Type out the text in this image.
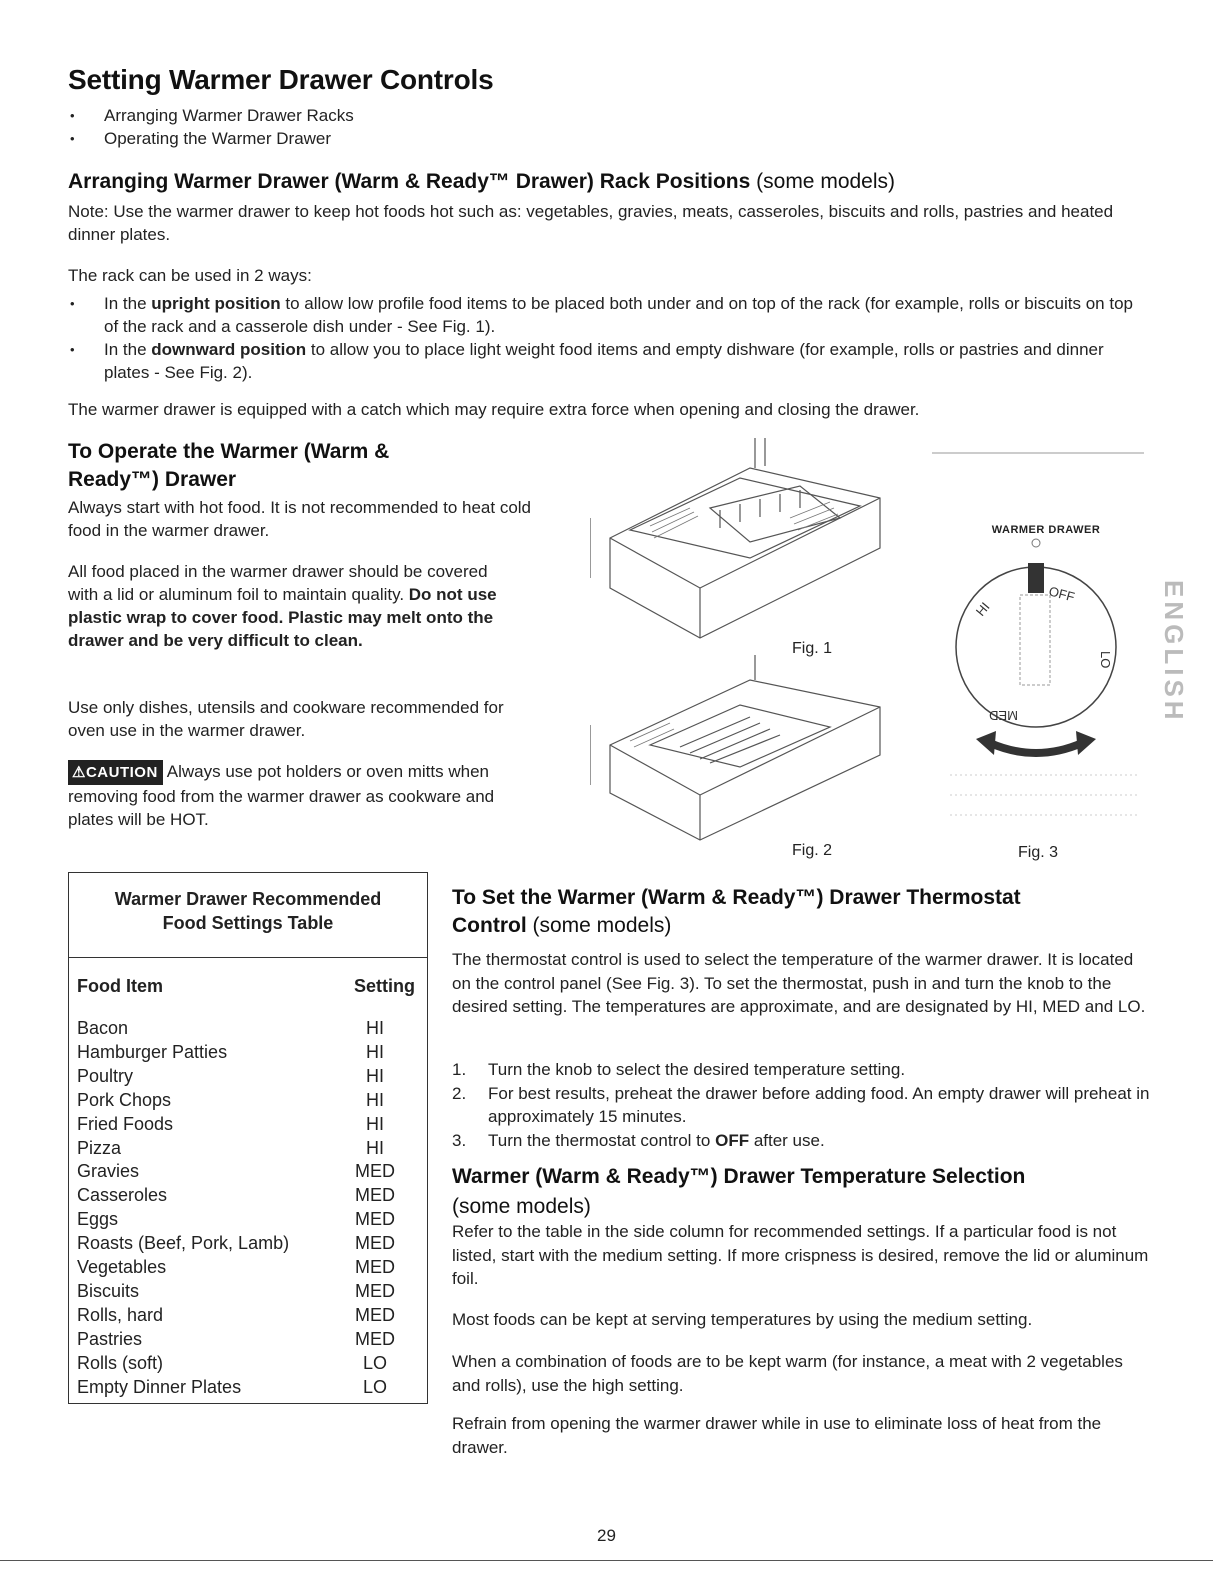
Setting Warmer Drawer Controls
• Arranging Warmer Drawer Racks
• Operating the Warmer Drawer
Arranging Warmer Drawer (Warm & Ready™ Drawer) Rack Positions (some models)

Note: Use the warmer drawer to keep hot foods hot such as: vegetables, gravies, meats, casseroles, biscuits and rolls, pastries and heated dinner plates.

The rack can be used in 2 ways:

• In the upright position to allow low profile food items to be placed both under and on top of the rack (for example, rolls or biscuits on top of the rack and a casserole dish under - See Fig. 1).
• In the downward position to allow you to place light weight food items and empty dishware (for example, rolls or pastries and dinner plates - See Fig. 2).

The warmer drawer is equipped with a catch which may require extra force when opening and closing the drawer.

To Operate the Warmer (Warm &
Ready™) Drawer

Always start with hot food. It is not recommended to heat cold food in the warmer drawer.

All food placed in the warmer drawer should be covered with a lid or aluminum foil to maintain quality. Do not use plastic wrap to cover food. Plastic may melt onto the drawer and be very difficult to clean.

Use only dishes, utensils and cookware recommended for oven use in the warmer drawer.

⚠CAUTION Always use pot holders or oven mitts when removing food from the warmer drawer as cookware and plates will be HOT.

Fig. 1
Fig. 2
WARMER DRAWER
OFF
HI
MED
LO
Fig. 3
ENGLISH
Warmer Drawer Recommended
Food Settings Table
Food Item	Setting
Bacon	HI
Hamburger Patties	HI
Poultry	HI
Pork Chops	HI
Fried Foods	HI
Pizza	HI
Gravies	MED
Casseroles	MED
Eggs	MED
Roasts (Beef, Pork, Lamb)	MED
Vegetables	MED
Biscuits	MED
Rolls, hard	MED
Pastries	MED
Rolls (soft)	LO
Empty Dinner Plates	LO
To Set the Warmer (Warm & Ready™) Drawer Thermostat
Control (some models)

The thermostat control is used to select the temperature of the warmer drawer. It is located on the control panel (See Fig. 3). To set the thermostat, push in and turn the knob to the desired setting. The temperatures are approximate, and are designated by HI, MED and LO.

1.	Turn the knob to select the desired temperature setting.
2.	For best results, preheat the drawer before adding food. An empty drawer will preheat in approximately 15 minutes.
3.	Turn the thermostat control to OFF after use.
Warmer (Warm & Ready™) Drawer Temperature Selection
(some models)

Refer to the table in the side column for recommended settings. If a particular food is not listed, start with the medium setting. If more crispness is desired, remove the lid or aluminum foil.

Most foods can be kept at serving temperatures by using the medium setting.

When a combination of foods are to be kept warm (for instance, a meat with 2 vegetables and rolls), use the high setting.

Refrain from opening the warmer drawer while in use to eliminate loss of heat from the drawer.

29
